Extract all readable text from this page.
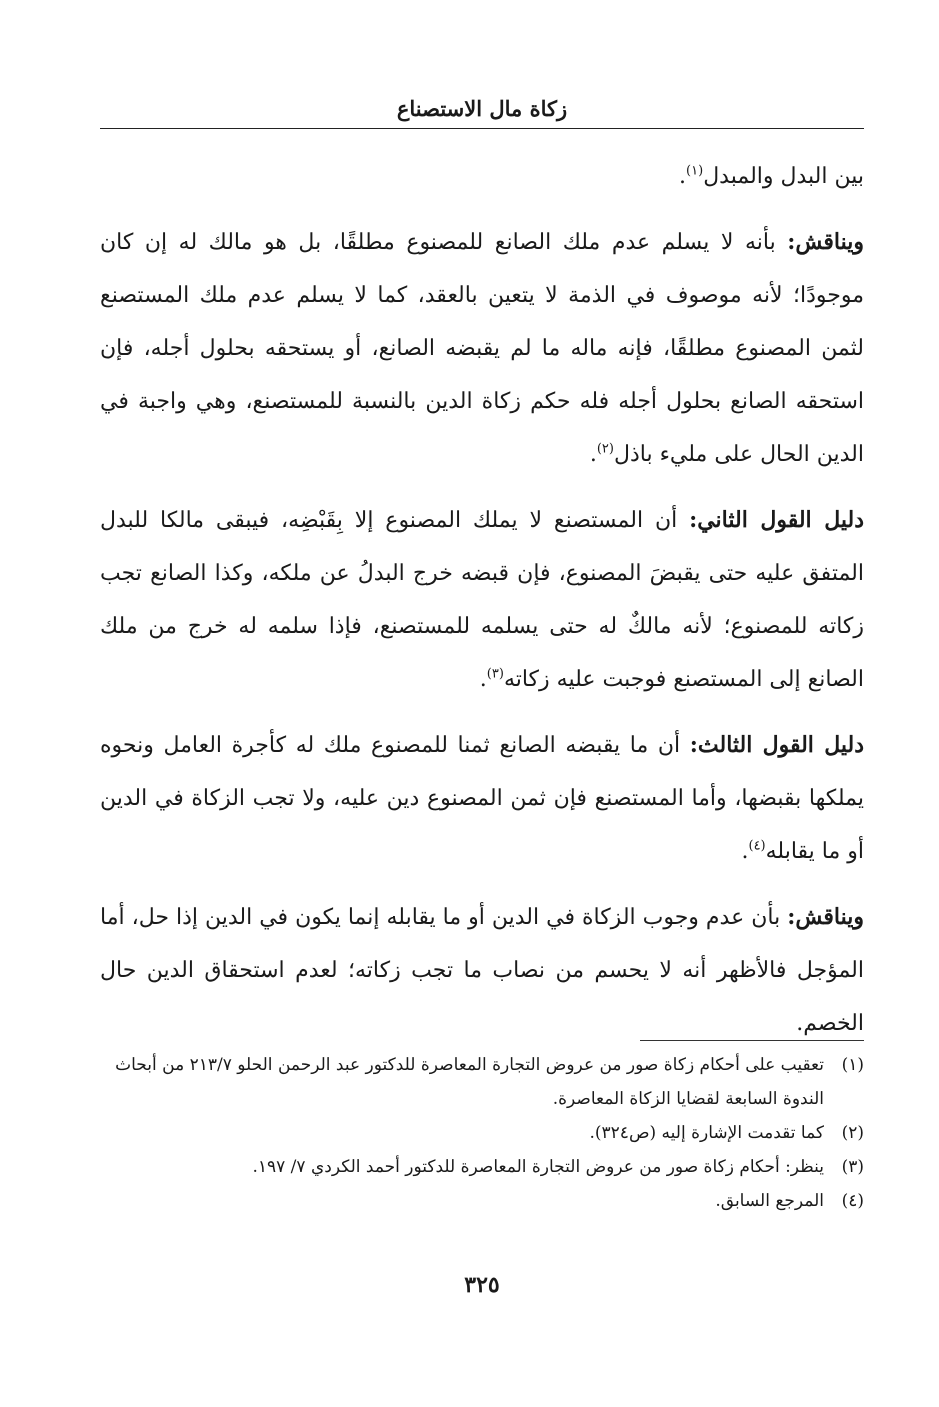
زكاة مال الاستصناع

بين البدل والمبدل$^{(١)}$.

ويناقش: بأنه لا يسلم عدم ملك الصانع للمصنوع مطلقًا، بل هو مالك له إن كان موجودًا؛ لأنه موصوف في الذمة لا يتعين بالعقد، كما لا يسلم عدم ملك المستصنع لثمن المصنوع مطلقًا، فإنه ماله ما لم يقبضه الصانع، أو يستحقه بحلول أجله، فإن استحقه الصانع بحلول أجله فله حكم زكاة الدين بالنسبة للمستصنع، وهي واجبة في الدين الحال على مليء باذل$^{(٢)}$.

دليل القول الثاني: أن المستصنع لا يملك المصنوع إلا بِقَبْضِه، فيبقى مالكا للبدل المتفق عليه حتى يقبضَ المصنوع، فإن قبضه خرج البدلُ عن ملكه، وكذا الصانع تجب زكاته للمصنوع؛ لأنه مالكٌ له حتى يسلمه للمستصنع، فإذا سلمه له خرج من ملك الصانع إلى المستصنع فوجبت عليه زكاته$^{(٣)}$.

دليل القول الثالث: أن ما يقبضه الصانع ثمنا للمصنوع ملك له كأجرة العامل ونحوه يملكها بقبضها، وأما المستصنع فإن ثمن المصنوع دين عليه، ولا تجب الزكاة في الدين أو ما يقابله$^{(٤)}$.

ويناقش: بأن عدم وجوب الزكاة في الدين أو ما يقابله إنما يكون في الدين إذا حل، أما المؤجل فالأظهر أنه لا يحسم من نصاب ما تجب زكاته؛ لعدم استحقاق الدين حال الخصم.

(١)
تعقيب على أحكام زكاة صور من عروض التجارة المعاصرة للدكتور عبد الرحمن الحلو ٢١٣/٧ من أبحاث الندوة السابعة لقضايا الزكاة المعاصرة.
(٢)
كما تقدمت الإشارة إليه (ص٣٢٤).
(٣)
ينظر: أحكام زكاة صور من عروض التجارة المعاصرة للدكتور أحمد الكردي ٧/ ١٩٧.
(٤)
المرجع السابق.
٣٢٥
